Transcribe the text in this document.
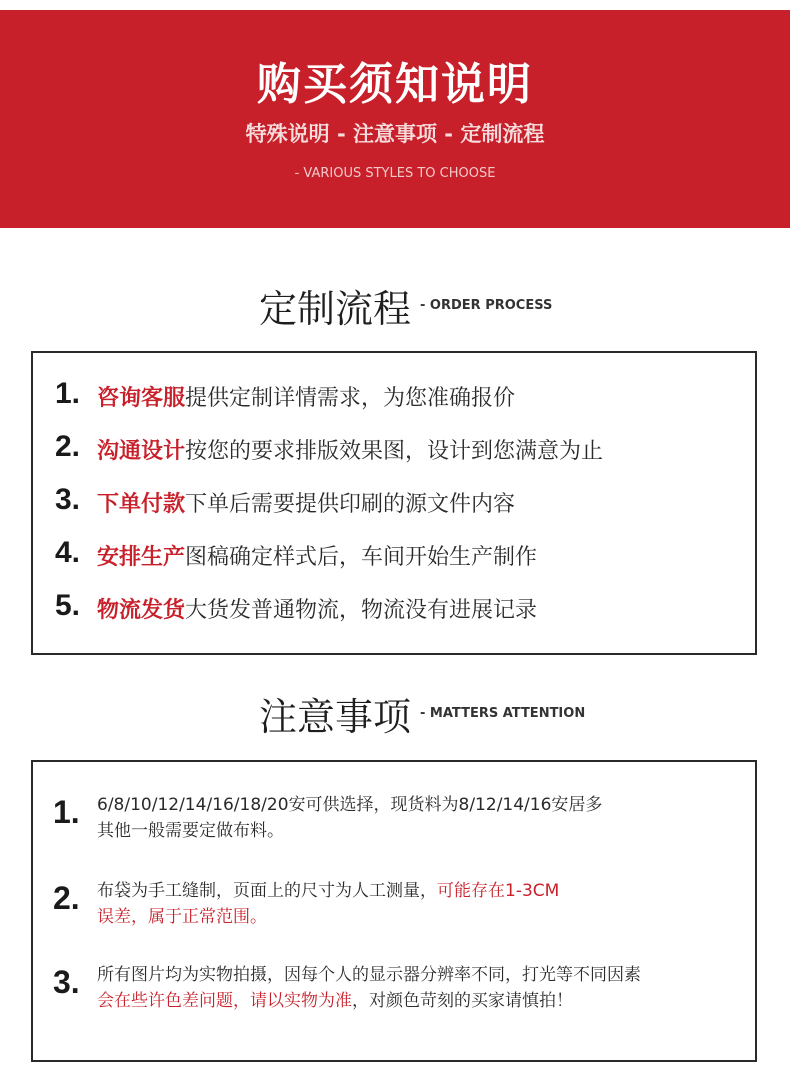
购买须知说明
特殊说明 - 注意事项 - 定制流程
- VARIOUS STYLES TO CHOOSE
定制流程 - ORDER PROCESS
1. 咨询客服提供定制详情需求，为您准确报价
2. 沟通设计按您的要求排版效果图，设计到您满意为止
3. 下单付款下单后需要提供印刷的源文件内容
4. 安排生产图稿确定样式后，车间开始生产制作
5. 物流发货大货发普通物流，物流没有进展记录
注意事项 - MATTERS ATTENTION
1. 6/8/10/12/14/16/18/20安可供选择，现货料为8/12/14/16安居多
其他一般需要定做布料。
2. 布袋为手工缝制，页面上的尺寸为人工测量，可能存在1-3CM
误差，属于正常范围。
3. 所有图片均为实物拍摄，因每个人的显示器分辨率不同，打光等不同因素
会在些许色差问题，请以实物为准，对颜色苛刻的买家请慎拍！
